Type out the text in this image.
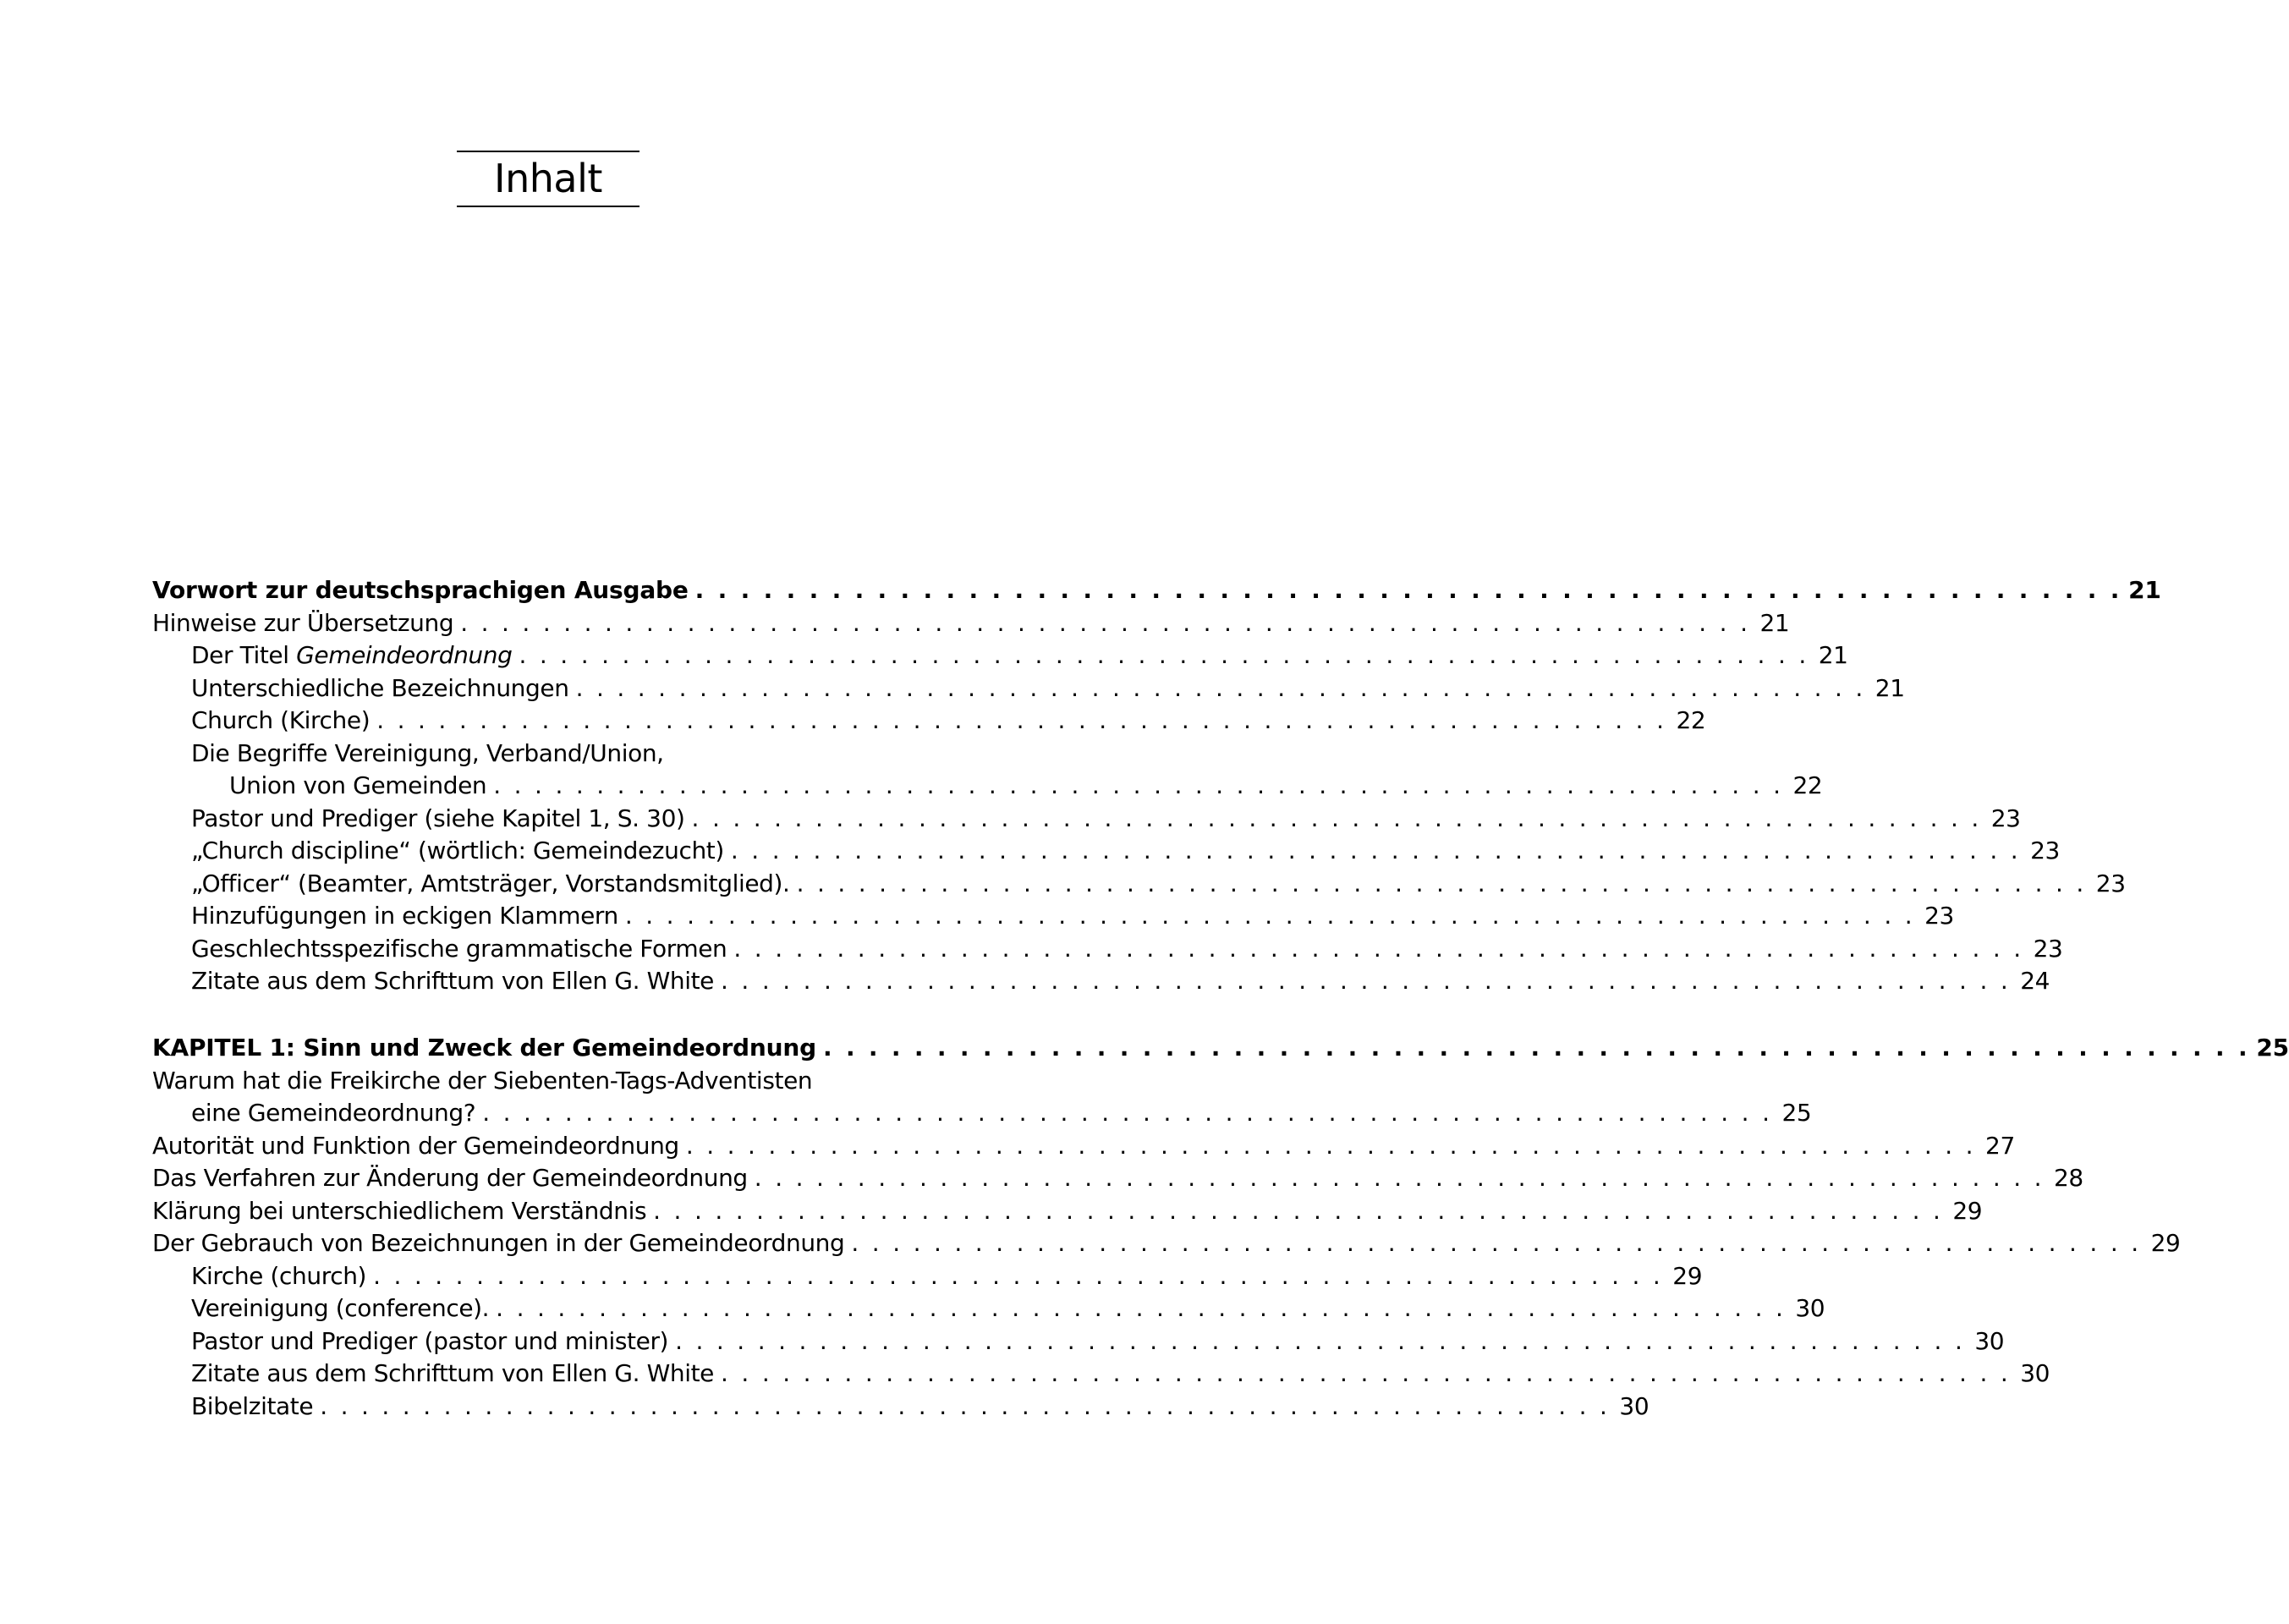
Inhalt
Vorwort zur deutschsprachigen Ausgabe . . . . . . . . . . . . . . . . . . . . . . . . . . . . . . . . . . . . . . . . . . . . . . . . . . . . . . . . . . . . . . . 21
Hinweise zur Übersetzung . . . . . . . . . . . . . . . . . . . . . . . . . . . . . . . . . . . . . . . . . . . . . . . . . . . . . . . . . . . . . . . 21
Der Titel Gemeindeordnung . . . . . . . . . . . . . . . . . . . . . . . . . . . . . . . . . . . . . . . . . . . . . . . . . . . . . . . . . . . . . . . 21
Unterschiedliche Bezeichnungen . . . . . . . . . . . . . . . . . . . . . . . . . . . . . . . . . . . . . . . . . . . . . . . . . . . . . . . . . . . . . . . 21
Church (Kirche) . . . . . . . . . . . . . . . . . . . . . . . . . . . . . . . . . . . . . . . . . . . . . . . . . . . . . . . . . . . . . . . 22
Die Begriffe Vereinigung, Verband/Union,
Union von Gemeinden . . . . . . . . . . . . . . . . . . . . . . . . . . . . . . . . . . . . . . . . . . . . . . . . . . . . . . . . . . . . . . . 22
Pastor und Prediger (siehe Kapitel 1, S. 30) . . . . . . . . . . . . . . . . . . . . . . . . . . . . . . . . . . . . . . . . . . . . . . . . . . . . . . . . . . . . . . . 23
„Church discipline“ (wörtlich: Gemeindezucht) . . . . . . . . . . . . . . . . . . . . . . . . . . . . . . . . . . . . . . . . . . . . . . . . . . . . . . . . . . . . . . . 23
„Officer“ (Beamter, Amtsträger, Vorstandsmitglied). . . . . . . . . . . . . . . . . . . . . . . . . . . . . . . . . . . . . . . . . . . . . . . . . . . . . . . . . . . . . . . . 23
Hinzufügungen in eckigen Klammern . . . . . . . . . . . . . . . . . . . . . . . . . . . . . . . . . . . . . . . . . . . . . . . . . . . . . . . . . . . . . . . 23
Geschlechtsspezifische grammatische Formen . . . . . . . . . . . . . . . . . . . . . . . . . . . . . . . . . . . . . . . . . . . . . . . . . . . . . . . . . . . . . . . 23
Zitate aus dem Schrifttum von Ellen G. White . . . . . . . . . . . . . . . . . . . . . . . . . . . . . . . . . . . . . . . . . . . . . . . . . . . . . . . . . . . . . . . 24
KAPITEL 1: Sinn und Zweck der Gemeindeordnung . . . . . . . . . . . . . . . . . . . . . . . . . . . . . . . . . . . . . . . . . . . . . . . . . . . . . . . . . . . . . . . 25
Warum hat die Freikirche der Siebenten-Tags-Adventisten
eine Gemeindeordnung? . . . . . . . . . . . . . . . . . . . . . . . . . . . . . . . . . . . . . . . . . . . . . . . . . . . . . . . . . . . . . . . 25
Autorität und Funktion der Gemeindeordnung . . . . . . . . . . . . . . . . . . . . . . . . . . . . . . . . . . . . . . . . . . . . . . . . . . . . . . . . . . . . . . . 27
Das Verfahren zur Änderung der Gemeindeordnung . . . . . . . . . . . . . . . . . . . . . . . . . . . . . . . . . . . . . . . . . . . . . . . . . . . . . . . . . . . . . . . 28
Klärung bei unterschiedlichem Verständnis . . . . . . . . . . . . . . . . . . . . . . . . . . . . . . . . . . . . . . . . . . . . . . . . . . . . . . . . . . . . . . . 29
Der Gebrauch von Bezeichnungen in der Gemeindeordnung . . . . . . . . . . . . . . . . . . . . . . . . . . . . . . . . . . . . . . . . . . . . . . . . . . . . . . . . . . . . . . . 29
Kirche (church) . . . . . . . . . . . . . . . . . . . . . . . . . . . . . . . . . . . . . . . . . . . . . . . . . . . . . . . . . . . . . . . 29
Vereinigung (conference). . . . . . . . . . . . . . . . . . . . . . . . . . . . . . . . . . . . . . . . . . . . . . . . . . . . . . . . . . . . . . . . 30
Pastor und Prediger (pastor und minister) . . . . . . . . . . . . . . . . . . . . . . . . . . . . . . . . . . . . . . . . . . . . . . . . . . . . . . . . . . . . . . . 30
Zitate aus dem Schrifttum von Ellen G. White . . . . . . . . . . . . . . . . . . . . . . . . . . . . . . . . . . . . . . . . . . . . . . . . . . . . . . . . . . . . . . . 30
Bibelzitate . . . . . . . . . . . . . . . . . . . . . . . . . . . . . . . . . . . . . . . . . . . . . . . . . . . . . . . . . . . . . . . 30
